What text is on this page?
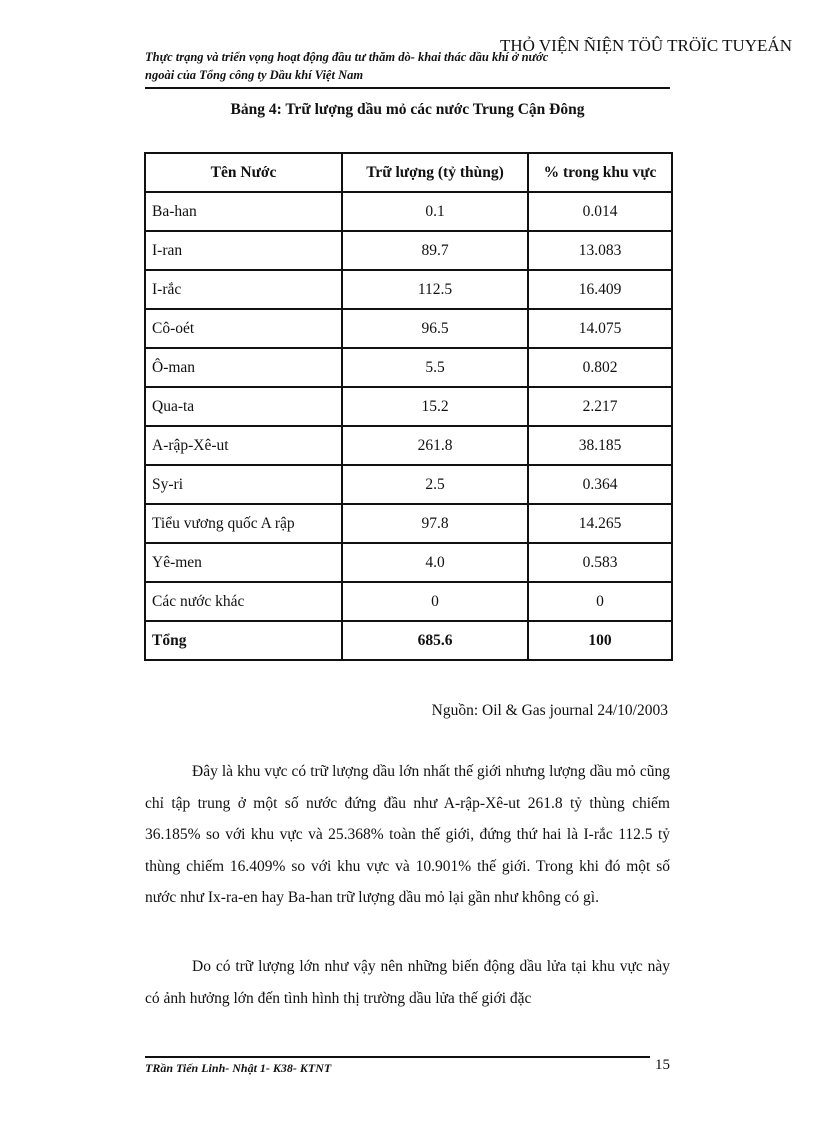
THỎ VIỆN ÑIỆN TÖÛ TRÖÏC TUYEÁN
Thực trạng và triển vọng hoạt động đầu tư thăm dò- khai thác dầu khí ở nước
ngoài của Tổng công ty Dầu khí Việt Nam
Bảng 4: Trữ lượng dầu mỏ các nước Trung Cận Đông
Tên Nước	Trữ lượng (tỷ thùng)	% trong khu vực
Ba-han	0.1	0.014
I-ran	89.7	13.083
I-rắc	112.5	16.409
Cô-oét	96.5	14.075
Ô-man	5.5	0.802
Qua-ta	15.2	2.217
A-rập-Xê-ut	261.8	38.185
Sy-ri	2.5	0.364
Tiểu vương quốc A rập	97.8	14.265
Yê-men	4.0	0.583
Các nước khác	0	0
Tổng	685.6	100
Nguồn: Oil & Gas journal 24/10/2003
Đây là khu vực có trữ lượng dầu lớn nhất thế giới nhưng lượng dầu mỏ cũng chỉ tập trung ở một số nước đứng đầu như A-rập-Xê-ut 261.8 tỷ thùng chiếm 36.185% so với khu vực và 25.368% toàn thế giới, đứng thứ hai là I-rắc 112.5 tỷ thùng chiếm 16.409% so với khu vực và 10.901% thế giới. Trong khi đó một số nước như Ix-ra-en hay Ba-han trữ lượng dầu mỏ lại gần như không có gì.
Do có trữ lượng lớn như vậy nên những biến động dầu lửa tại khu vực này có ảnh hưởng lớn đến tình hình thị trường dầu lửa thế giới đặc
TRần Tiến Linh- Nhật 1- K38- KTNT	15
